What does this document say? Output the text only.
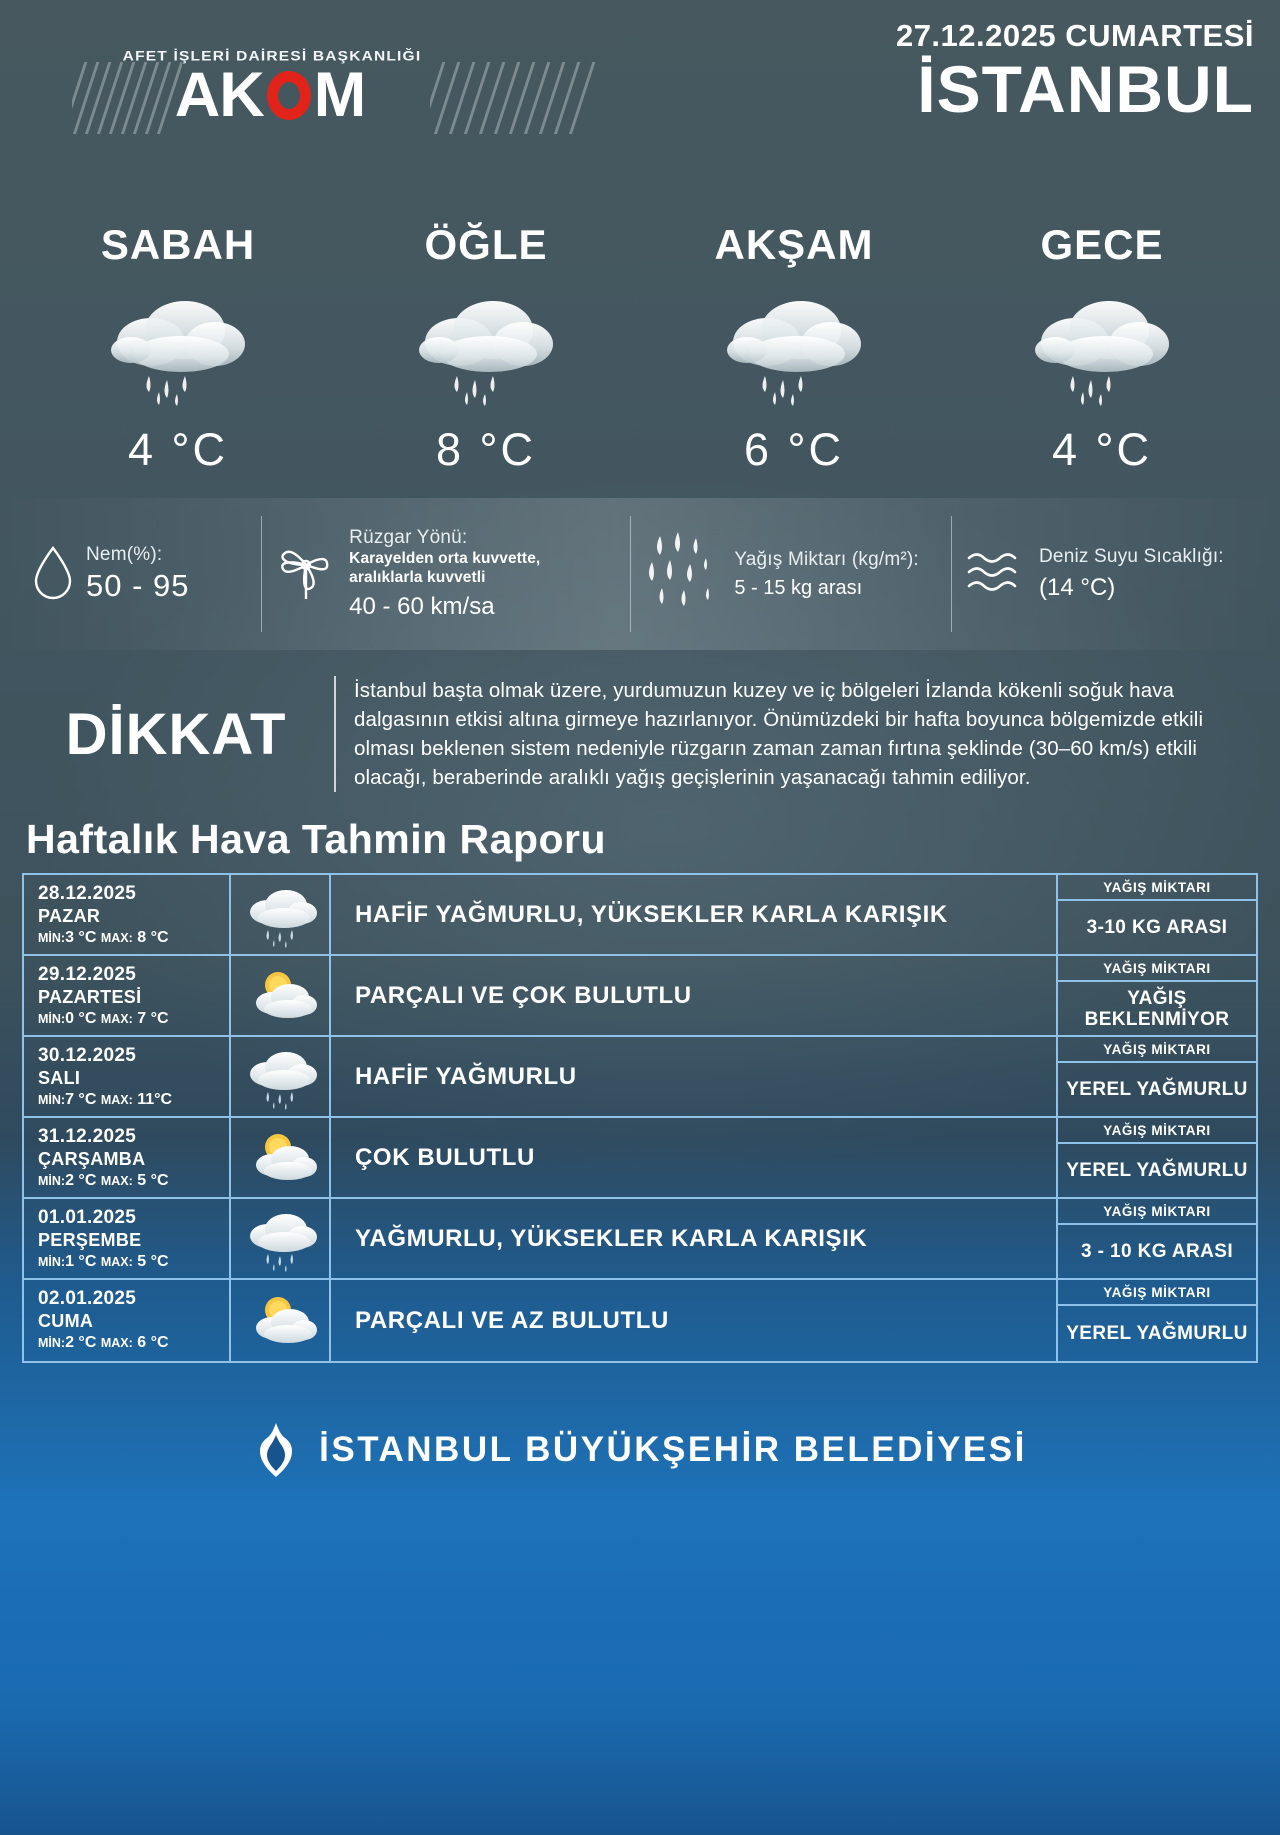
AFET İŞLERİ DAİRESİ BAŞKANLIĞI
AK M
27.12.2025 CUMARTESİ
İSTANBUL
SABAH
4 °C
ÖĞLE
8 °C
AKŞAM
6 °C
GECE
4 °C
Nem(%):
50 - 95
Rüzgar Yönü:
Karayelden orta kuvvette,
aralıklarla kuvvetli
40 - 60 km/sa
Yağış Miktarı (kg/m²):
5 - 15 kg arası
Deniz Suyu Sıcaklığı:
(14 °C)
DİKKAT
İstanbul başta olmak üzere, yurdumuzun kuzey ve iç bölgeleri İzlanda kökenli soğuk hava dalgasının etkisi altına girmeye hazırlanıyor. Önümüzdeki bir hafta boyunca bölgemizde etkili olması beklenen sistem nedeniyle rüzgarın zaman zaman fırtına şeklinde (30–60 km/s) etkili olacağı, beraberinde aralıklı yağış geçişlerinin yaşanacağı tahmin ediliyor.
Haftalık Hava Tahmin Raporu
28.12.2025
PAZAR
MİN:3 °C MAX: 8 °C
HAFİF YAĞMURLU, YÜKSEKLER KARLA KARIŞIK
YAĞIŞ MİKTARI
3-10 KG ARASI
29.12.2025
PAZARTESİ
MİN:0 °C MAX: 7 °C
PARÇALI VE ÇOK BULUTLU
YAĞIŞ MİKTARI
YAĞIŞ BEKLENMİYOR
30.12.2025
SALI
MİN:7 °C MAX: 11°C
HAFİF YAĞMURLU
YAĞIŞ MİKTARI
YEREL YAĞMURLU
31.12.2025
ÇARŞAMBA
MİN:2 °C MAX: 5 °C
ÇOK BULUTLU
YAĞIŞ MİKTARI
YEREL YAĞMURLU
01.01.2025
PERŞEMBE
MİN:1 °C MAX: 5 °C
YAĞMURLU, YÜKSEKLER KARLA KARIŞIK
YAĞIŞ MİKTARI
3 - 10 KG ARASI
02.01.2025
CUMA
MİN:2 °C MAX: 6 °C
PARÇALI VE AZ BULUTLU
YAĞIŞ MİKTARI
YEREL YAĞMURLU
İSTANBUL BÜYÜKŞEHİR BELEDİYESİ
